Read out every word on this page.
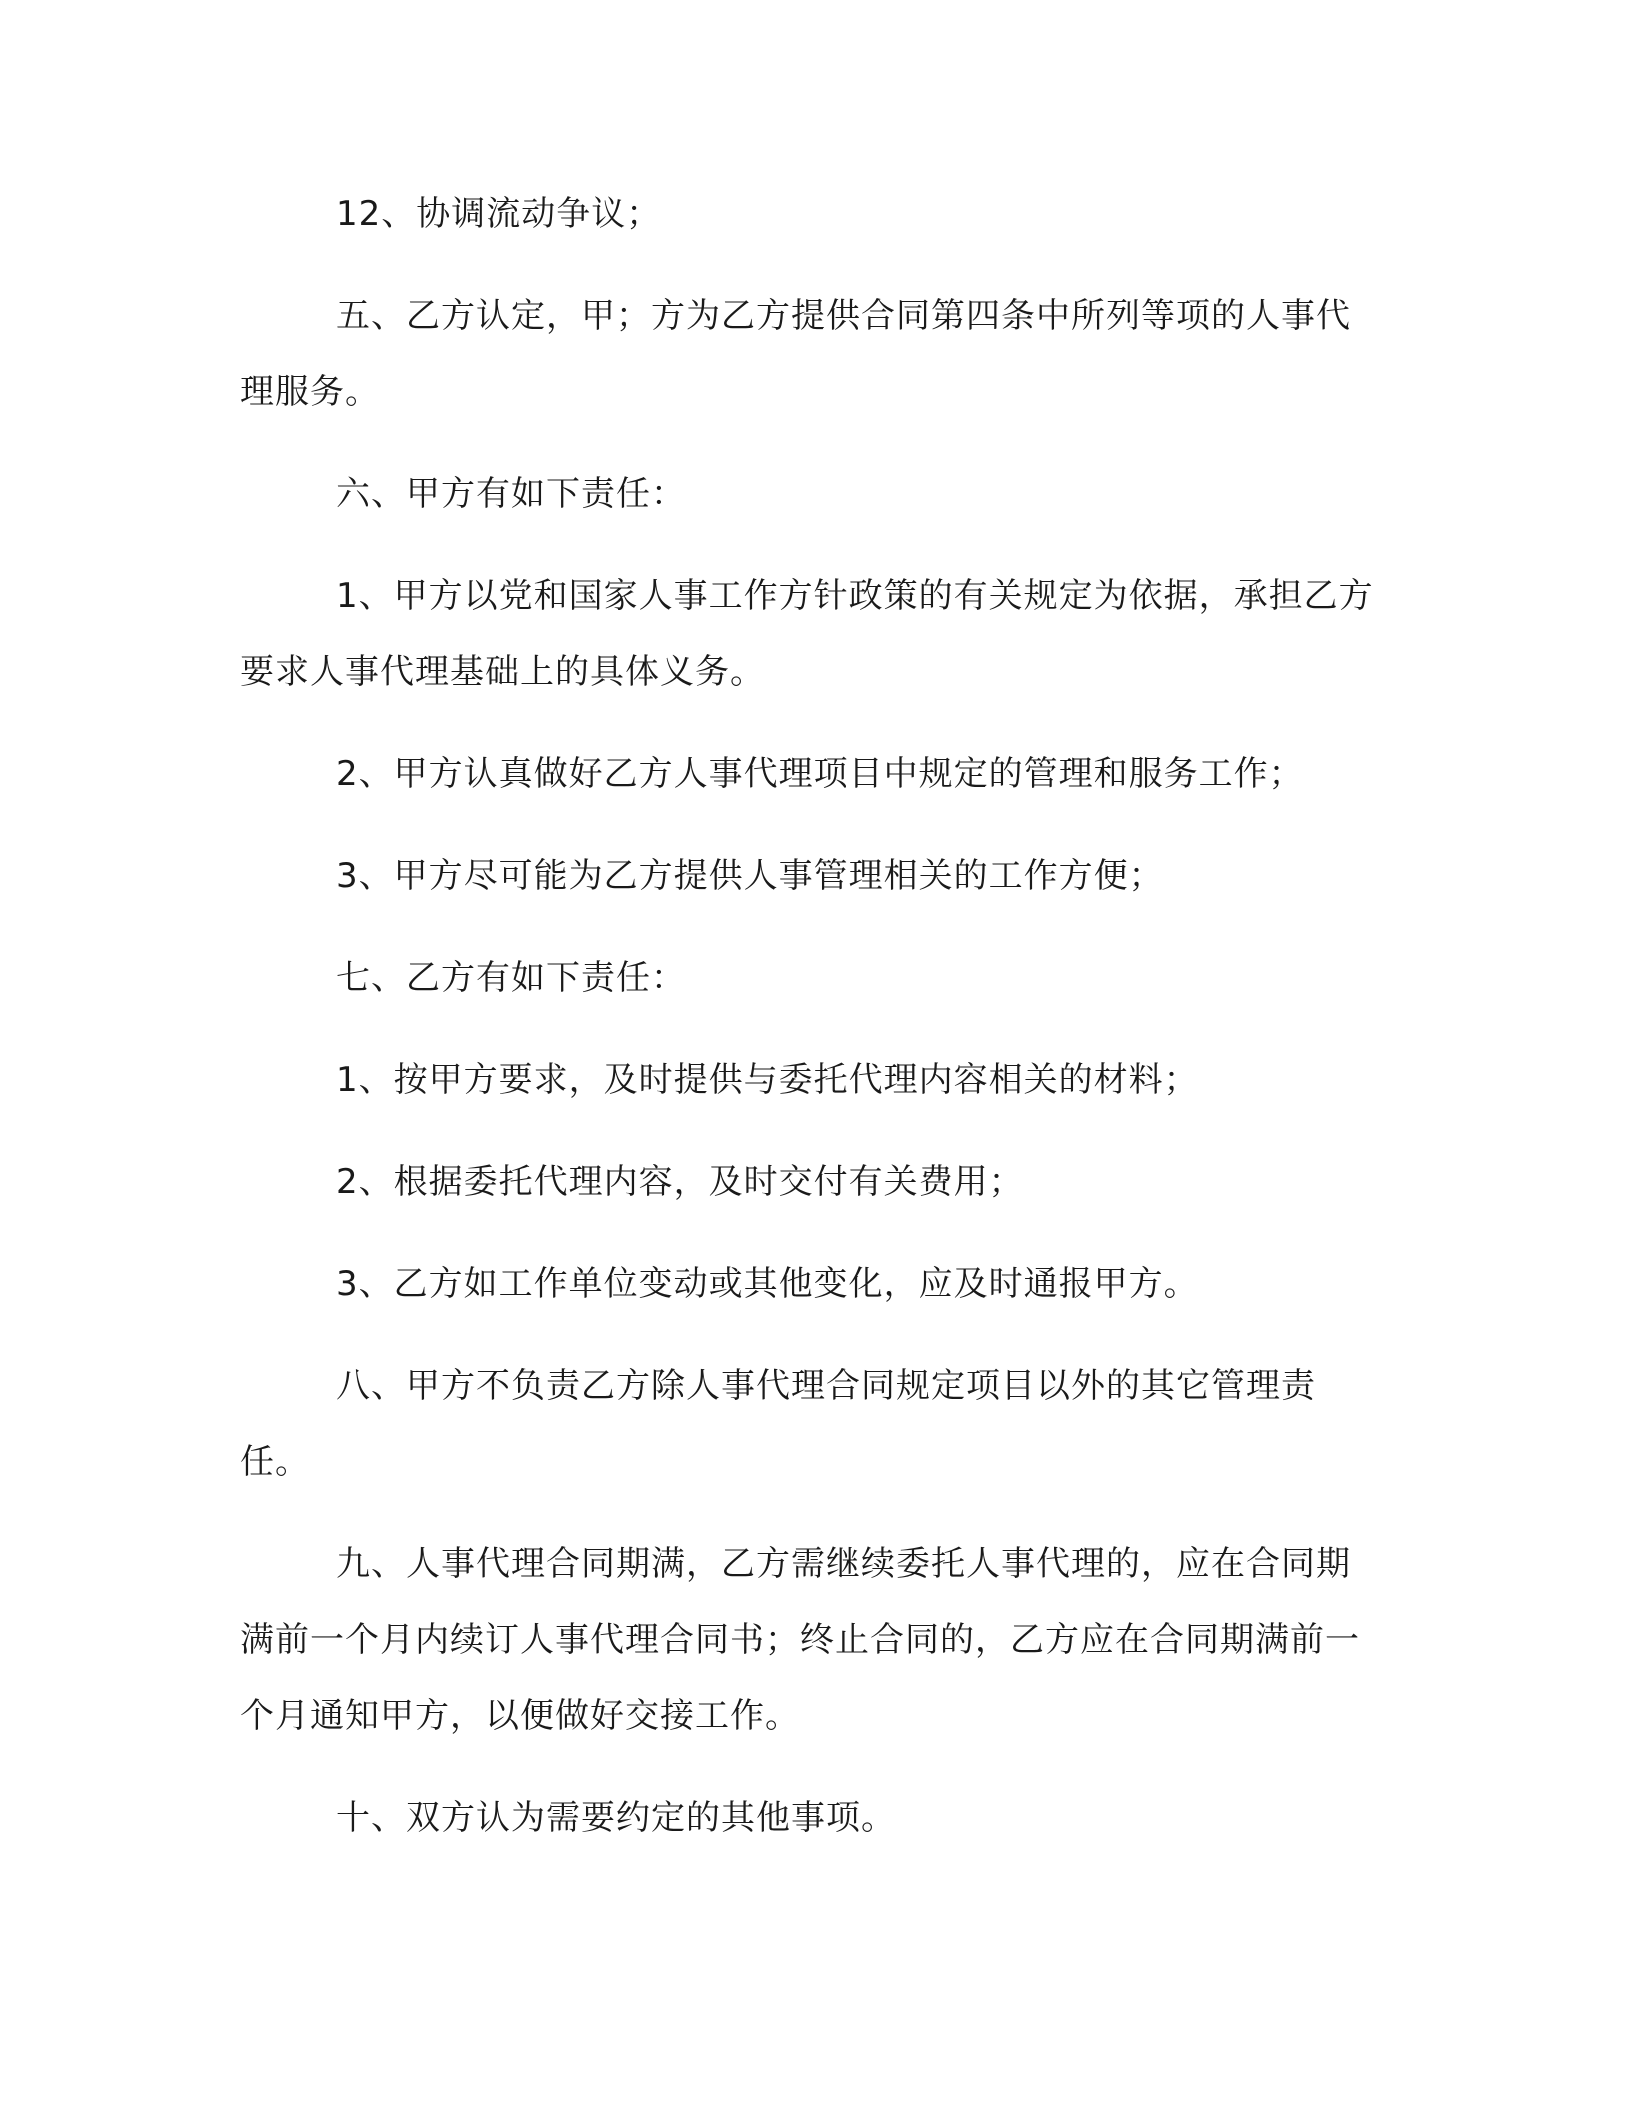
12、协调流动争议；

五、乙方认定，甲；方为乙方提供合同第四条中所列等项的人事代理服务。

六、甲方有如下责任：

1、甲方以党和国家人事工作方针政策的有关规定为依据，承担乙方要求人事代理基础上的具体义务。

2、甲方认真做好乙方人事代理项目中规定的管理和服务工作；

3、甲方尽可能为乙方提供人事管理相关的工作方便；

七、乙方有如下责任：

1、按甲方要求，及时提供与委托代理内容相关的材料；

2、根据委托代理内容，及时交付有关费用；

3、乙方如工作单位变动或其他变化，应及时通报甲方。

八、甲方不负责乙方除人事代理合同规定项目以外的其它管理责任。

九、人事代理合同期满，乙方需继续委托人事代理的，应在合同期满前一个月内续订人事代理合同书；终止合同的，乙方应在合同期满前一个月通知甲方，以便做好交接工作。

十、双方认为需要约定的其他事项。
